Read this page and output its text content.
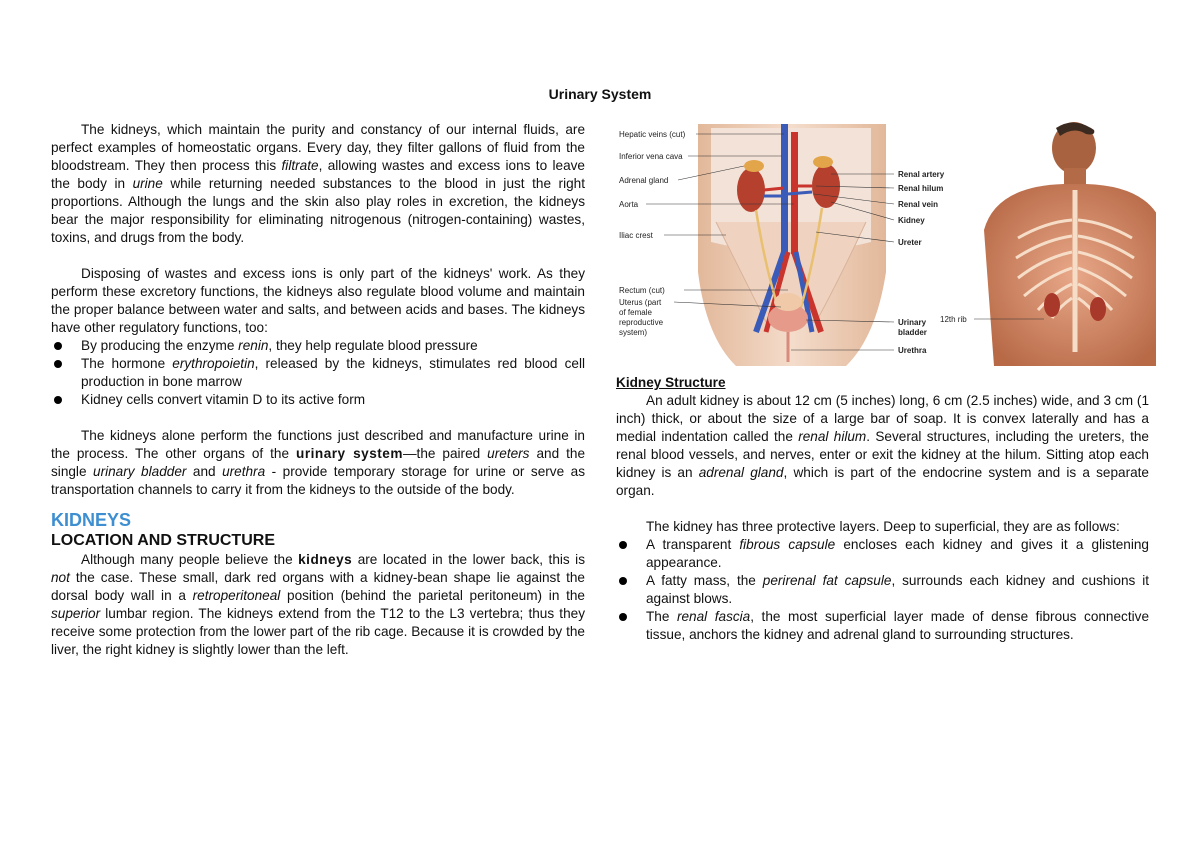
Urinary System

The kidneys, which maintain the purity and constancy of our internal fluids, are perfect examples of homeostatic organs. Every day, they filter gallons of fluid from the bloodstream. They then process this filtrate, allowing wastes and excess ions to leave the body in urine while returning needed substances to the blood in just the right proportions. Although the lungs and the skin also play roles in excretion, the kidneys bear the major responsibility for eliminating nitrogenous (nitrogen-containing) wastes, toxins, and drugs from the body.

Disposing of wastes and excess ions is only part of the kidneys' work. As they perform these excretory functions, the kidneys also regulate blood volume and maintain the proper balance between water and salts, and between acids and bases. The kidneys have other regulatory functions, too:

By producing the enzyme renin, they help regulate blood pressure
The hormone erythropoietin, released by the kidneys, stimulates red blood cell production in bone marrow
Kidney cells convert vitamin D to its active form

The kidneys alone perform the functions just described and manufacture urine in the process. The other organs of the urinary system—the paired ureters and the single urinary bladder and urethra - provide temporary storage for urine or serve as transportation channels to carry it from the kidneys to the outside of the body.

KIDNEYS
LOCATION AND STRUCTURE

Although many people believe the kidneys are located in the lower back, this is not the case. These small, dark red organs with a kidney-bean shape lie against the dorsal body wall in a retroperitoneal position (behind the parietal peritoneum) in the superior lumbar region. The kidneys extend from the T12 to the L3 vertebra; thus they receive some protection from the lower part of the rib cage. Because it is crowded by the liver, the right kidney is slightly lower than the left.

Hepatic veins (cut)
Inferior vena cava
Adrenal gland
Aorta
Iliac crest
Rectum (cut)
Uterus (part
of female
reproductive
system)
Renal artery
Renal hilum
Renal vein
Kidney
Ureter
Urinary
bladder
Urethra
12th rib
Kidney Structure

An adult kidney is about 12 cm (5 inches) long, 6 cm (2.5 inches) wide, and 3 cm (1 inch) thick, or about the size of a large bar of soap. It is convex laterally and has a medial indentation called the renal hilum. Several structures, including the ureters, the renal blood vessels, and nerves, enter or exit the kidney at the hilum. Sitting atop each kidney is an adrenal gland, which is part of the endocrine system and is a separate organ.

The kidney has three protective layers. Deep to superficial, they are as follows:

A transparent fibrous capsule encloses each kidney and gives it a glistening appearance.
A fatty mass, the perirenal fat capsule, surrounds each kidney and cushions it against blows.
The renal fascia, the most superficial layer made of dense fibrous connective tissue, anchors the kidney and adrenal gland to surrounding structures.
